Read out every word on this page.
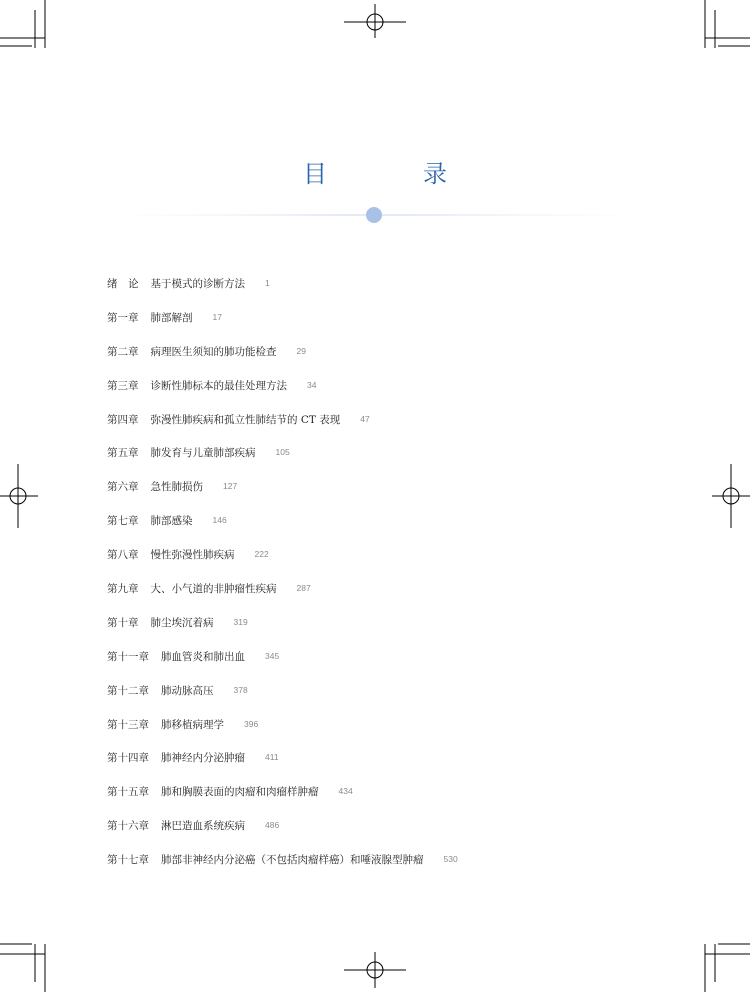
目　录
绪　论 基于模式的诊断方法 1
第一章 肺部解剖 17
第二章 病理医生须知的肺功能检查 29
第三章 诊断性肺标本的最佳处理方法 34
第四章 弥漫性肺疾病和孤立性肺结节的 CT 表现 47
第五章 肺发育与儿童肺部疾病 105
第六章 急性肺损伤 127
第七章 肺部感染 146
第八章 慢性弥漫性肺疾病 222
第九章 大、小气道的非肿瘤性疾病 287
第十章 肺尘埃沉着病 319
第十一章 肺血管炎和肺出血 345
第十二章 肺动脉高压 378
第十三章 肺移植病理学 396
第十四章 肺神经内分泌肿瘤 411
第十五章 肺和胸膜表面的肉瘤和肉瘤样肿瘤 434
第十六章 淋巴造血系统疾病 486
第十七章 肺部非神经内分泌癌（不包括肉瘤样癌）和唾液腺型肿瘤 530
